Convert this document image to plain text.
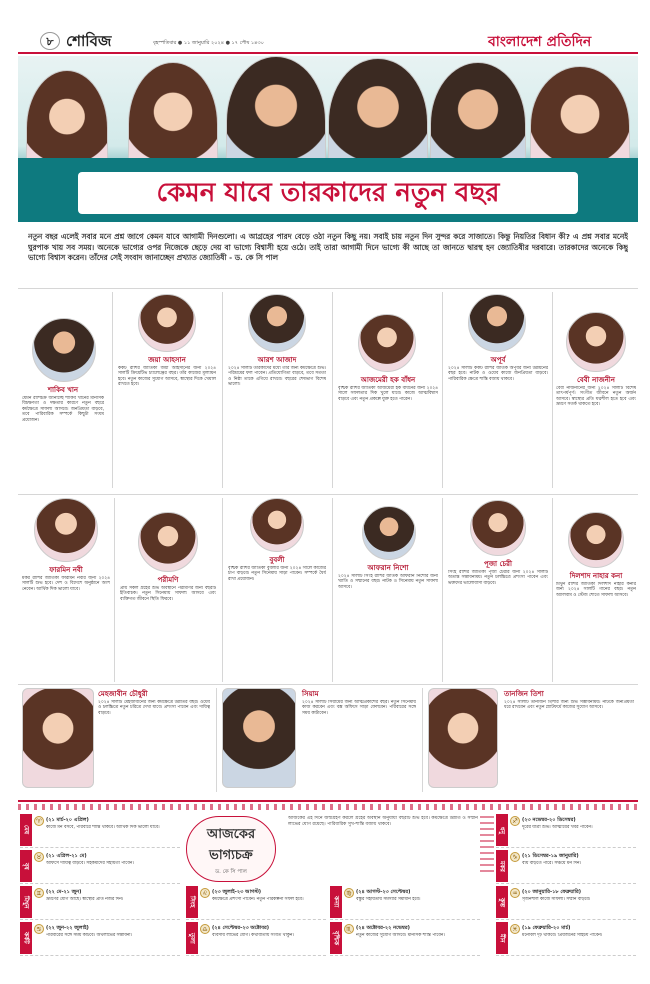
৮ শোবিজ	বৃহস্পতিবার ● ১১ জানুয়ারি ২০২৪ ● ১৭ পৌষ ১৪৩০	বাংলাদেশ প্রতিদিন
কেমন যাবে তারকাদের নতুন বছর
নতুন বছর এলেই সবার মনে প্রশ্ন জাগে কেমন যাবে আগামী দিনগুলো। এ আগ্রহের পারদ বেড়ে ওঠা নতুন কিছু নয়। সবাই চায় নতুন দিন সুন্দর করে সাজাতে। কিন্তু নিয়তির বিধান কী? এ প্রশ্ন সবার মনেই ঘুরপাক খায় সব সময়। অনেকে ভাগ্যের ওপর নিজেকে ছেড়ে দেয় বা ভাগ্যে বিশ্বাসী হয়ে ওঠে। তাই তারা আগামী দিনে ভাগ্যে কী আছে তা জানতে দ্বারস্থ হন জ্যোতিষীর দরবারে। তারকাদের অনেকে কিছু ভাগ্যে বিশ্বাস করেন। তাঁদের সেই সংবাদ জানাচ্ছেন প্রখ্যাত জ্যোতিষী - ড. কে সি পাল
শাকিব খান
যেমন রাশিচক্র জানাচ্ছে শাকিব খানের মানসিক বিচক্ষণতা ও দক্ষতার কারণে নতুন বছরে কর্মক্ষেত্রে সাফল্য আসবে। জনপ্রিয়তা বাড়বে, তবে পারিবারিক সম্পর্কে কিছুটা সংযম প্রয়োজন।
জয়া আহসান
কর্কট রাশির জাতিকা জয়া আহসানের জন্য ২০২৪ সালটি ক্রিয়েটিভ চ্যালেঞ্জের বছর। তাঁর কাজের মূল্যায়ন হবে। নতুন কাজের সুযোগ আসবে, স্বাস্থ্যের দিকে খেয়াল রাখতে হবে।
আরশ আজাদ
২০২৪ সালটি তারকাদের মধ্যে তাঁর জন্য কর্মক্ষেত্রে শুভ। পরিশ্রমের ফল পাবেন। প্রতিযোগিতা বাড়বে, তবে সততা ও নিষ্ঠা তাকে এগিয়ে রাখবে। বছরের শেষভাগ বিশেষ ভালো।
আজমেরী হক বাঁধন
বৃশ্চিক রাশির জাতিকা আজমেরী হক বাঁধনের জন্য ২০২৪ সালে সফলতার দিক খুলে যাবে। কাজে আত্মবিশ্বাস বাড়বে এবং নতুন প্রকল্পে যুক্ত হতে পারেন।
অপূর্ব
২০২৪ সালটি কর্কট রাশির জাতক অপূর্বর জন্য উন্নয়নের বছর হবে। নাটক ও ওয়েব কাজে জনপ্রিয়তা বাড়বে। পারিবারিক ক্ষেত্রে শান্তি বজায় থাকবে।	বেবী নাজনীন
বেবী নাজনীনের জন্য ২০২৪ সালটি বিশেষ তাৎপর্যপূর্ণ। সংগীত জীবনে নতুন অর্জন আসবে। স্বাস্থ্যের প্রতি যত্নশীল হতে হবে এবং ভ্রমণে সতর্ক থাকতে হবে।
ফারমিন নবী
মকর রাশির জাতিকা ফারমিন নবীর জন্য ২০২৪ সালটি শুভ হবে। দেশ ও বিদেশে অনুষ্ঠানে অংশ নেবেন। আর্থিক দিক ভালো যাবে।
পরীমণি
প্রায় সকল গ্রহের শুভ অবস্থানে পরীমণির জন্য বছরটি ইতিবাচক। নতুন সিনেমায় সাফল্য আসবে এবং ব্যক্তিগত জীবনে স্থিতি ফিরবে।
বুবলী
বৃশ্চিক রাশির জাতিকা বুবলীর জন্য ২০২৪ সালে কাজের চাপ বাড়বে। নতুন সিনেমায় সাড়া পাবেন। সম্পর্কে ধৈর্য রাখা প্রয়োজন।
আফরান নিশো
২০২৪ সালটি সিংহ রাশির জাতক আফরান নিশোর জন্য খ্যাতি ও সম্মানের বছর। নাটক ও সিনেমায় নতুন সাফল্য আসবে।
পূজা চেরী
সিংহ রাশির জাতিকা পূজা চেরীর জন্য ২০২৪ সালটি অত্যন্ত সম্ভাবনাময়। নতুন চলচ্চিত্রে প্রশংসা পাবেন এবং ভক্তদের ভালোবাসা বাড়বে।
দিলশাদ নাহার কনা
মিথুন রাশির জাতিকা দিলশাদ নাহার কনার জন্য ২০২৪ সালটি গানের বছর। নতুন অ্যালবাম ও স্টেজ শোতে সাফল্য আসবে।
মেহজাবীন চৌধুরী
২০২৪ সালটি মেহজাবীনের জন্য কর্মক্ষেত্রে উন্নতির বছর। ওয়েব ও চলচ্চিত্রে নতুন চরিত্রে দেখা যাবে। প্রশংসা পাবেন এবং দায়িত্ব বাড়বে।
সিয়াম
২০২৪ সালটি সিয়ামের জন্য আত্মপ্রকাশের বছর। নতুন সিনেমায় কাজ করবেন এবং বক্স অফিসে সাড়া ফেলবেন। পরিবারের সঙ্গে সময় কাটাবেন।
তানজিন তিশা
২০২৪ সালটি তানজিন তিশার জন্য শুভ সম্ভাবনাময়। নাটকে জনপ্রিয়তা ধরে রাখবেন এবং নতুন প্ল্যাটফর্মে কাজের সুযোগ আসবে।
আজকের
ভাগ্যচক্র
ড. কে সি পাল
আজকের এই দিনে জন্মগ্রহণ করলে গ্রহের অবস্থান অনুযায়ী বছরটি শুভ হবে। কর্মক্ষেত্রে উন্নতি ও সম্মান লাভের যোগ রয়েছে। পারিবারিক সুখ-শান্তি বজায় থাকবে।
মেষ
♈ (২১ মার্চ-২০ এপ্রিল)
কাজে মন বসবে, পরিবারে শান্তি থাকবে। আর্থিক দিক ভালো যাবে।
বৃষ
♉ (২১ এপ্রিল-২১ মে)
অফিসে দায়িত্ব বাড়বে। সহকর্মীদের সহায়তা পাবেন।
মিথুন
♊ (২২ মে-২১ জুন)
ভ্রমণের যোগ আছে। স্বাস্থ্যের প্রতি নজর দিন।
কর্কট
♋ (২২ জুন-২২ জুলাই)
পরিবারের সঙ্গে সময় কাটবে। অর্থলাভের সম্ভাবনা।
সিংহ
♌ (২৩ জুলাই-২৩ আগস্ট)
কর্মক্ষেত্রে প্রশংসা পাবেন। নতুন পরিকল্পনা সফল হবে।	কন্যা
♍ (২৪ আগস্ট-২৩ সেপ্টেম্বর)
বন্ধুর সহায়তায় সমস্যার সমাধান হবে।
তুলা
♎ (২৪ সেপ্টেম্বর-২৩ অক্টোবর)
ব্যবসায় লাভের যোগ। কথাবার্তায় সংযত থাকুন।	বৃশ্চিক
♏ (২৪ অক্টোবর-২২ নভেম্বর)
নতুন কাজের সুযোগ আসবে। মানসিক শান্তি পাবেন।
ধনু
♐ (২৩ নভেম্বর-২০ ডিসেম্বর)
দূরের যাত্রা শুভ। আত্মীয়ের খবর পাবেন।
মকর
♑ (২১ ডিসেম্বর-১৯ জানুয়ারি)
ব্যয় বাড়তে পারে। সঞ্চয়ে মন দিন।
কুম্ভ
♒ (২০ জানুয়ারি-১৮ ফেব্রুয়ারি)
সৃজনশীল কাজে সাফল্য। সম্মান বাড়বে।
মীন
♓ (১৯ ফেব্রুয়ারি-২০ মার্চ)
মনোবল দৃঢ় থাকবে। প্রিয়জনের সাহচর্য পাবেন।
